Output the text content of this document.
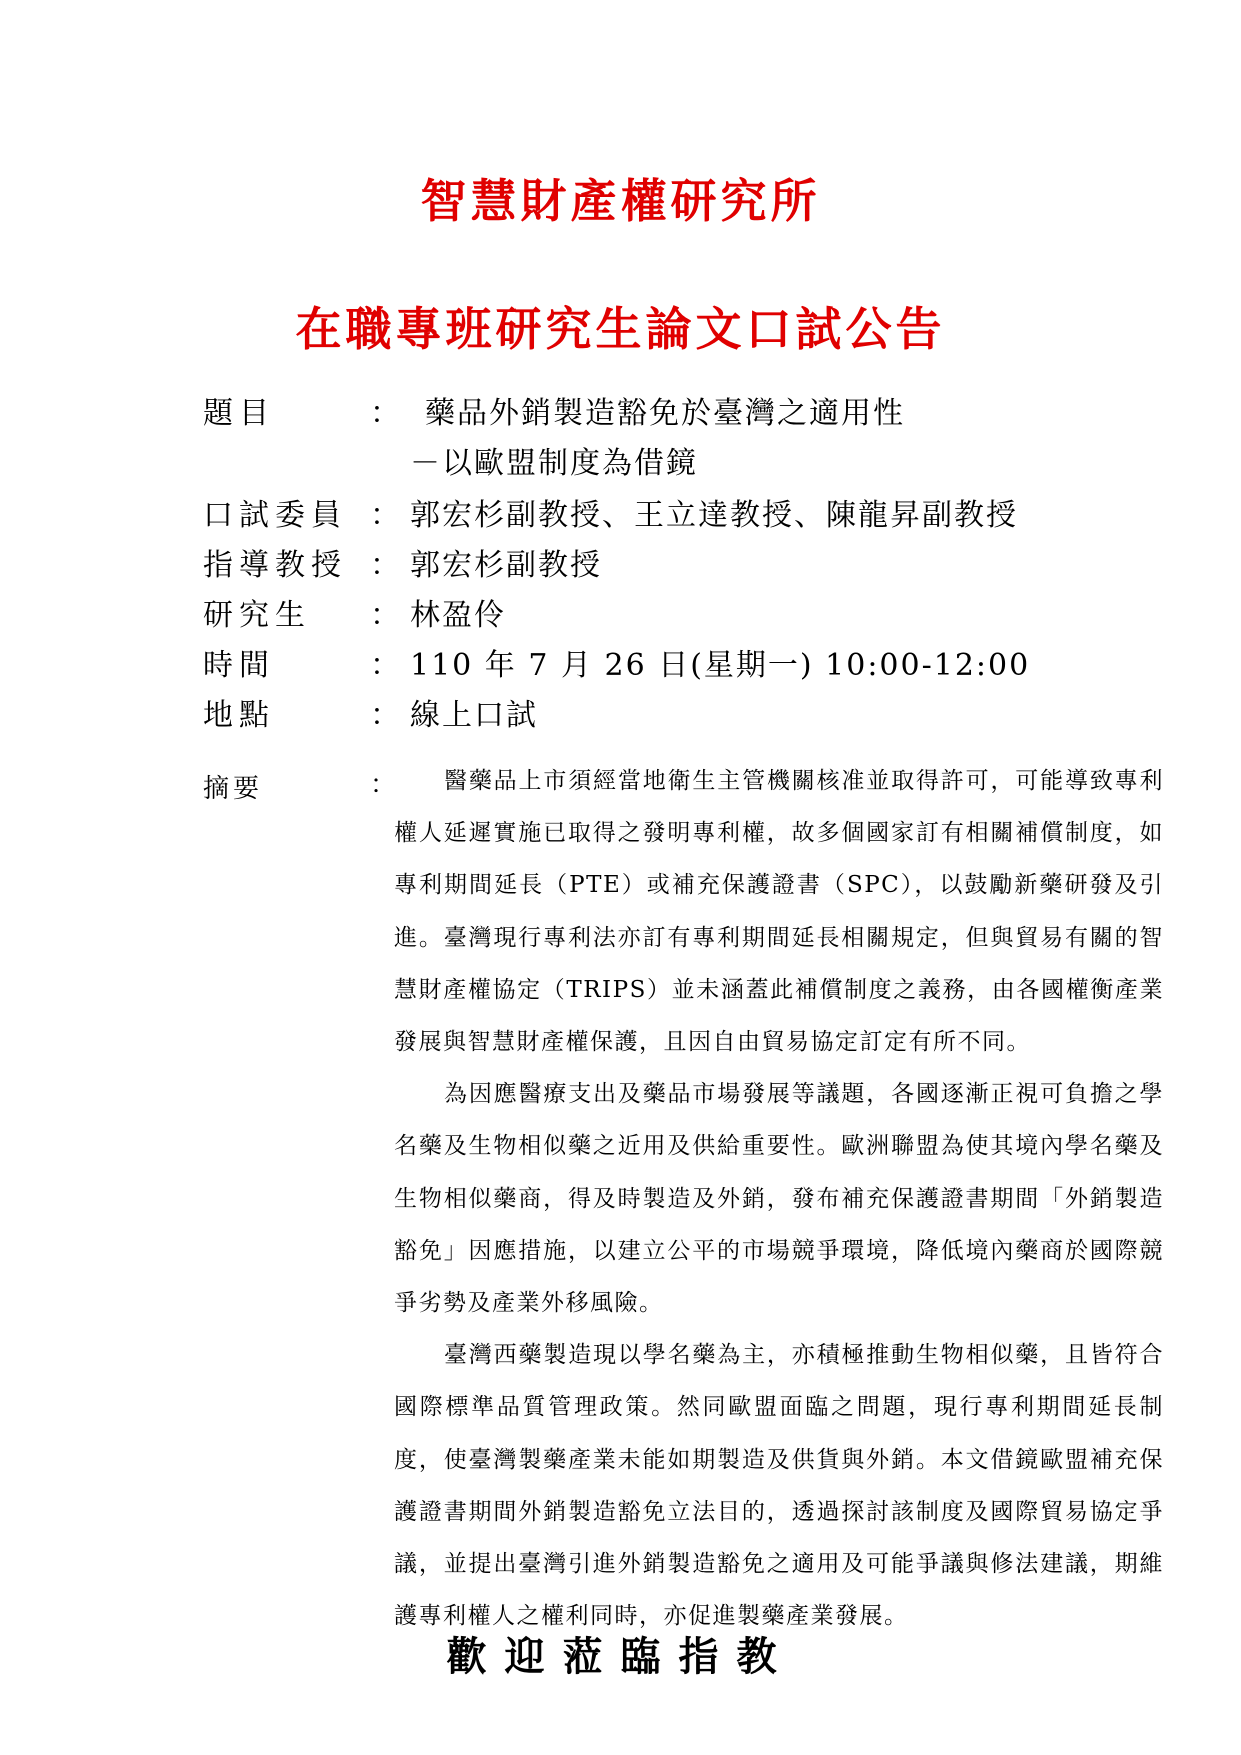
智慧財產權研究所
在職專班研究生論文口試公告
題目	： 藥品外銷製造豁免於臺灣之適用性
－以歐盟制度為借鏡
口試委員 ： 郭宏杉副教授、王立達教授、陳龍昇副教授
指導教授 ： 郭宏杉副教授
研究生 ： 林盈伶
時間	： 110 年 7 月 26 日(星期一) 10:00-12:00
地點	： 線上口試
摘要	：	醫藥品上市須經當地衛生主管機關核准並取得許可，可能導致專利權人延遲實施已取得之發明專利權，故多個國家訂有相關補償制度，如專利期間延長（PTE）或補充保護證書（SPC），以鼓勵新藥研發及引進。臺灣現行專利法亦訂有專利期間延長相關規定，但與貿易有關的智慧財產權協定（TRIPS）並未涵蓋此補償制度之義務，由各國權衡產業發展與智慧財產權保護，且因自由貿易協定訂定有所不同。

為因應醫療支出及藥品市場發展等議題，各國逐漸正視可負擔之學名藥及生物相似藥之近用及供給重要性。歐洲聯盟為使其境內學名藥及生物相似藥商，得及時製造及外銷，發布補充保護證書期間「外銷製造豁免」因應措施，以建立公平的市場競爭環境，降低境內藥商於國際競爭劣勢及產業外移風險。

臺灣西藥製造現以學名藥為主，亦積極推動生物相似藥，且皆符合國際標準品質管理政策。然同歐盟面臨之問題，現行專利期間延長制度，使臺灣製藥產業未能如期製造及供貨與外銷。本文借鏡歐盟補充保護證書期間外銷製造豁免立法目的，透過探討該制度及國際貿易協定爭議，並提出臺灣引進外銷製造豁免之適用及可能爭議與修法建議，期維護專利權人之權利同時，亦促進製藥產業發展。

歡迎蒞臨指教
